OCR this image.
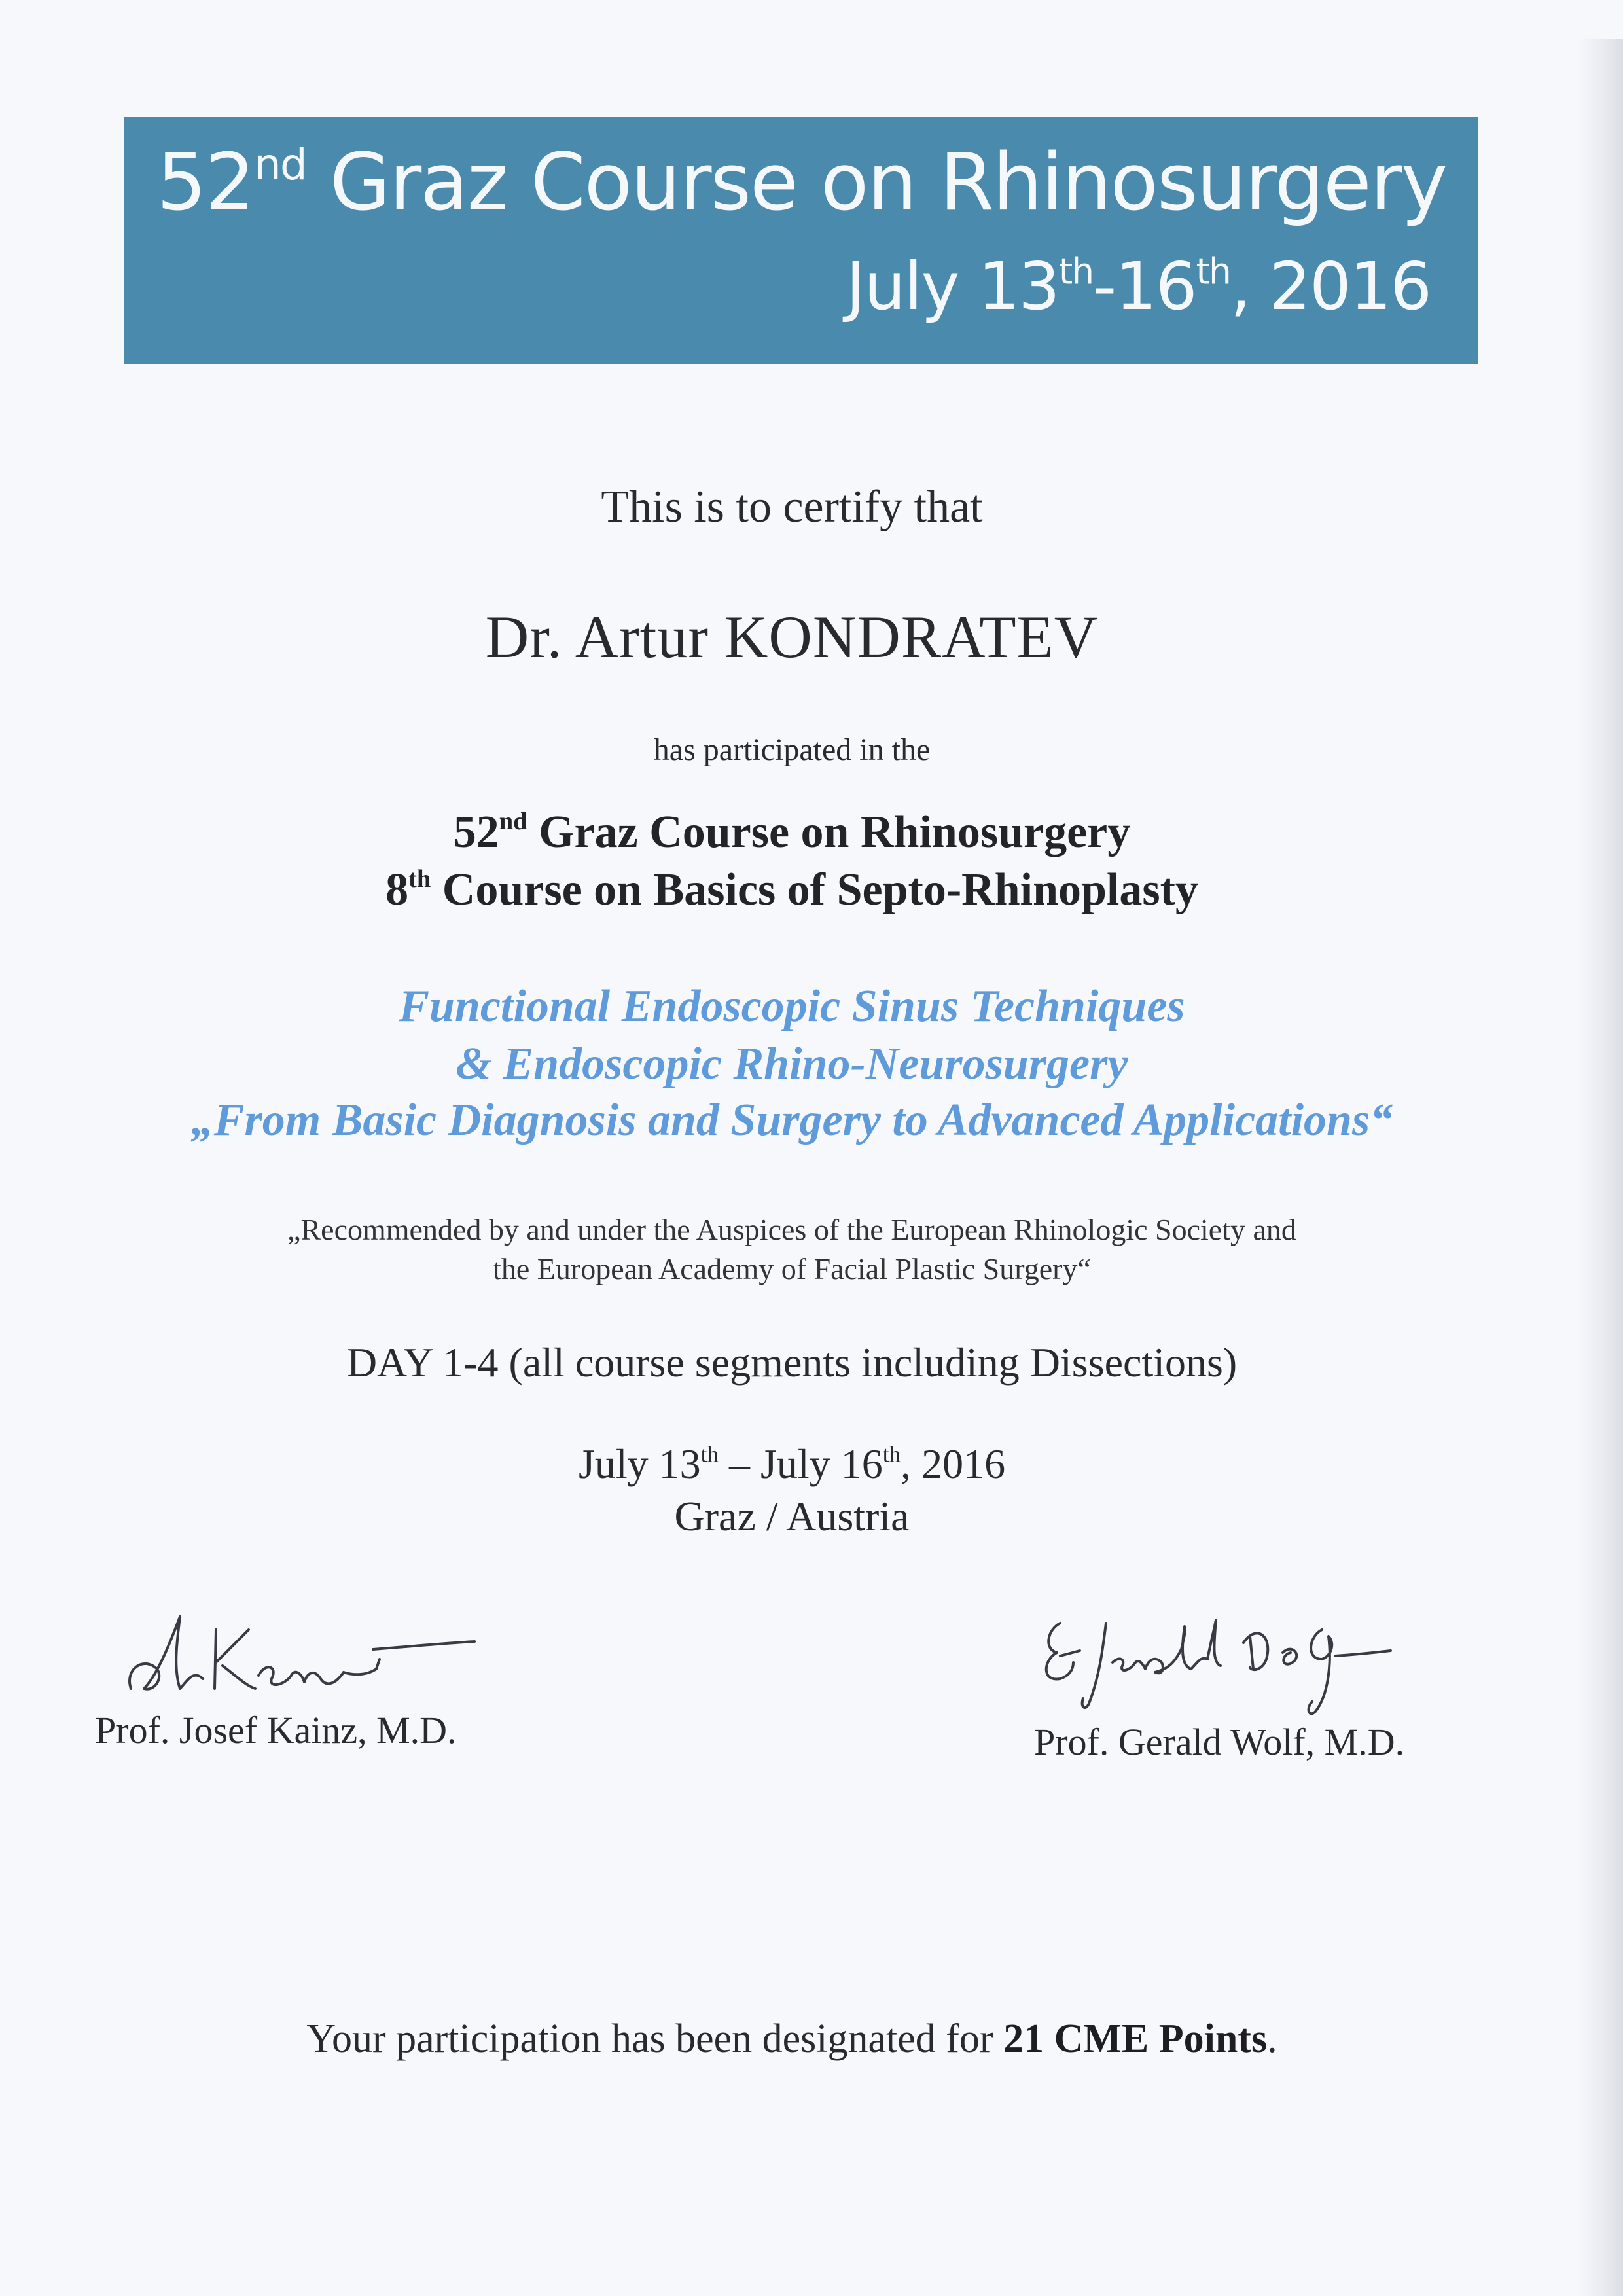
52nd Graz Course on Rhinosurgery
July 13th-16th, 2016
This is to certify that
Dr. Artur KONDRATEV
has participated in the
52nd Graz Course on Rhinosurgery
8th Course on Basics of Septo-Rhinoplasty
Functional Endoscopic Sinus Techniques
& Endoscopic Rhino-Neurosurgery
„From Basic Diagnosis and Surgery to Advanced Applications“
„Recommended by and under the Auspices of the European Rhinologic Society and
the European Academy of Facial Plastic Surgery“
DAY 1-4 (all course segments including Dissections)
July 13th – July 16th, 2016
Graz / Austria
Prof. Josef Kainz, M.D.	Prof. Gerald Wolf, M.D.
Your participation has been designated for 21 CME Points.
